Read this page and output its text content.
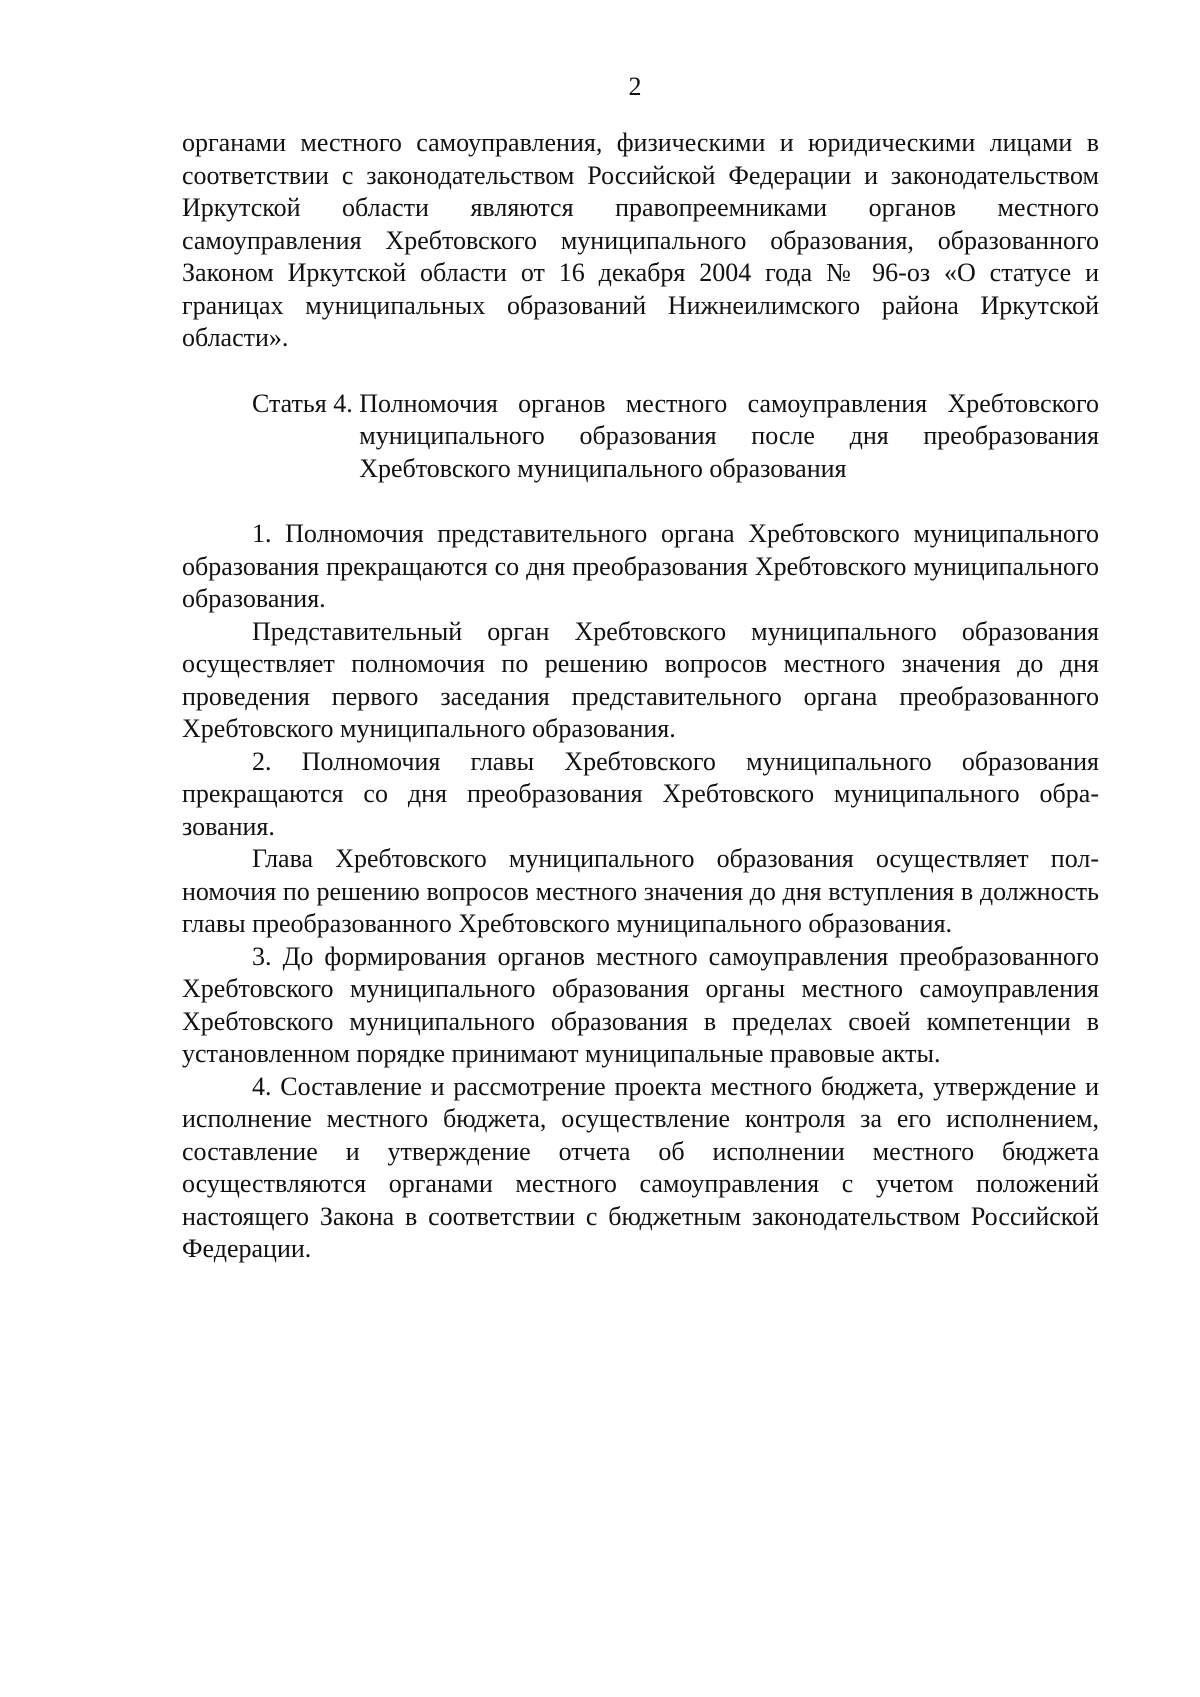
2

органами местного самоуправления, физическими и юридическими лицами в соответствии с законодательством Российской Федерации и законодательством Иркутской области являются правопреемниками органов местного самоуправления Хребтовского муниципального образования, образованного Законом Иркутской области от 16 декабря 2004 года № 96-оз «О статусе и границах муниципальных образований Нижнеилимского района Иркутской области».

Статья 4.
Полномочия органов местного самоуправления Хребтовского муниципального образования после дня преобразования Хребтовского муниципального образования

1. Полномочия представительного органа Хребтовского муниципального образования прекращаются со дня преобразования Хребтовского муниципального образования.

Представительный орган Хребтовского муниципального образования осуществляет полномочия по решению вопросов местного значения до дня проведения первого заседания представительного органа преобразованного Хребтовского муниципального образования.

2. Полномочия главы Хребтовского муниципального образования прекращаются со дня преобразования Хребтовского муниципального образования.

Глава Хребтовского муниципального образования осуществляет полномочия по решению вопросов местного значения до дня вступления в должность главы преобразованного Хребтовского муниципального образования.

3. До формирования органов местного самоуправления преобразованного Хребтовского муниципального образования органы местного самоуправления Хребтовского муниципального образования в пределах своей компетенции в установленном порядке принимают муниципальные правовые акты.

4. Составление и рассмотрение проекта местного бюджета, утверждение и исполнение местного бюджета, осуществление контроля за его исполнением, составление и утверждение отчета об исполнении местного бюджета осуществляются органами местного самоуправления с учетом положений настоящего Закона в соответствии с бюджетным законодательством Российской Федерации.
